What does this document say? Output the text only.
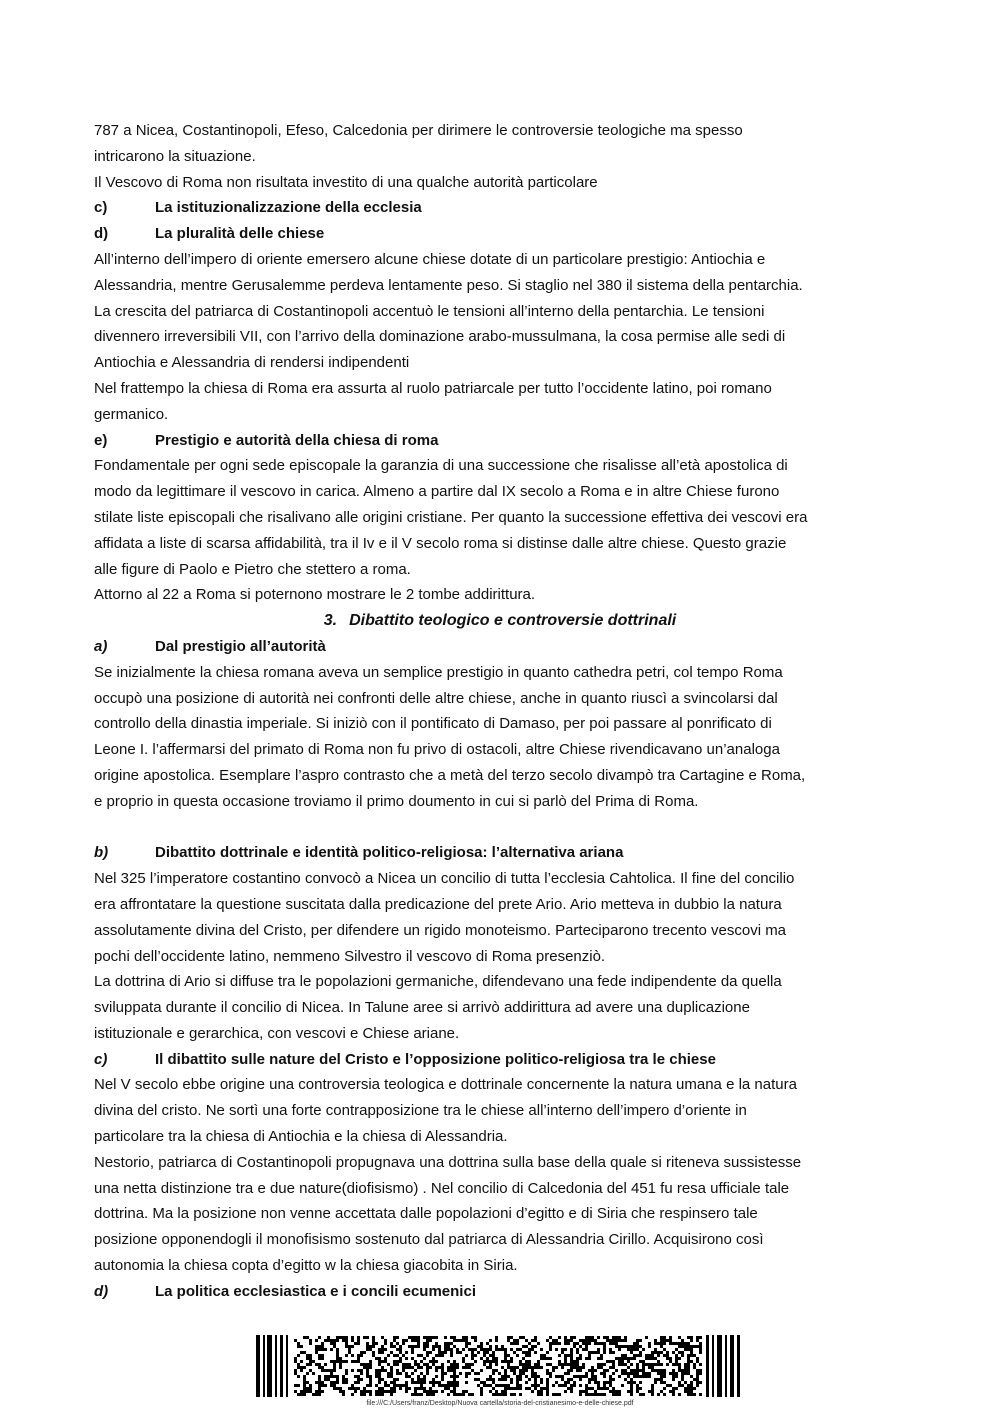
787 a Nicea, Costantinopoli, Efeso, Calcedonia per dirimere le controversie teologiche ma spesso
intricarono la situazione.
Il Vescovo di Roma non risultata investito di una qualche autorità particolare
c)	La istituzionalizzazione della ecclesia
d)	La pluralità delle chiese
All’interno dell’impero di oriente emersero alcune chiese dotate di un particolare prestigio: Antiochia e
Alessandria, mentre Gerusalemme perdeva lentamente peso. Si staglio nel 380 il sistema della pentarchia.
La crescita del patriarca di Costantinopoli accentuò le tensioni all’interno della pentarchia. Le tensioni
divennero irreversibili VII, con l’arrivo della dominazione arabo-mussulmana, la cosa permise alle sedi di
Antiochia e Alessandria di rendersi indipendenti
Nel frattempo la chiesa di Roma era assurta al ruolo patriarcale per tutto l’occidente latino, poi romano
germanico.
e)	Prestigio e autorità della chiesa di roma
Fondamentale per ogni sede episcopale la garanzia di una successione che risalisse all’età apostolica di
modo da legittimare il vescovo in carica. Almeno a partire dal IX secolo a Roma e in altre Chiese furono
stilate liste episcopali che risalivano alle origini cristiane. Per quanto la successione effettiva dei vescovi era
affidata a liste di scarsa affidabilità, tra il Iv e il V secolo roma si distinse dalle altre chiese. Questo grazie
alle figure di Paolo e Pietro che stettero a roma.
Attorno al 22 a Roma si poternono mostrare le 2 tombe addirittura.
3. Dibattito teologico e controversie dottrinali
a)	Dal prestigio all’autorità
Se inizialmente la chiesa romana aveva un semplice prestigio in quanto cathedra petri, col tempo Roma
occupò una posizione di autorità nei confronti delle altre chiese, anche in quanto riuscì a svincolarsi dal
controllo della dinastia imperiale. Si iniziò con il pontificato di Damaso, per poi passare al ponrificato di
Leone I. l’affermarsi del primato di Roma non fu privo di ostacoli, altre Chiese rivendicavano un’analoga
origine apostolica. Esemplare l’aspro contrasto che a metà del terzo secolo divampò tra Cartagine e Roma,
e proprio in questa occasione troviamo il primo doumento in cui si parlò del Prima di Roma.
b)	Dibattito dottrinale e identità politico-religiosa: l’alternativa ariana
Nel 325 l’imperatore costantino convocò a Nicea un concilio di tutta l’ecclesia Cahtolica. Il fine del concilio
era affrontatare la questione suscitata dalla predicazione del prete Ario. Ario metteva in dubbio la natura
assolutamente divina del Cristo, per difendere un rigido monoteismo. Parteciparono trecento vescovi ma
pochi dell’occidente latino, nemmeno Silvestro il vescovo di Roma presenziò.
La dottrina di Ario si diffuse tra le popolazioni germaniche, difendevano una fede indipendente da quella
sviluppata durante il concilio di Nicea. In Talune aree si arrivò addirittura ad avere una duplicazione
istituzionale e gerarchica, con vescovi e Chiese ariane.
c)	Il dibattito sulle nature del Cristo e l’opposizione politico-religiosa tra le chiese
Nel V secolo ebbe origine una controversia teologica e dottrinale concernente la natura umana e la natura
divina del cristo. Ne sortì una forte contrapposizione tra le chiese all’interno dell’impero d’oriente in
particolare tra la chiesa di Antiochia e la chiesa di Alessandria.
Nestorio, patriarca di Costantinopoli propugnava una dottrina sulla base della quale si riteneva sussistesse
una netta distinzione tra e due nature(diofisismo) . Nel concilio di Calcedonia del 451 fu resa ufficiale tale
dottrina. Ma la posizione non venne accettata dalle popolazioni d’egitto e di Siria che respinsero tale
posizione opponendogli il monofisismo sostenuto dal patriarca di Alessandria Cirillo. Acquisirono così
autonomia la chiesa copta d’egitto w la chiesa giacobita in Siria.
d)	La politica ecclesiastica e i concili ecumenici
file:///C:/Users/franz/Desktop/Nuova cartella/storia-del-cristianesimo-e-delle-chiese.pdf
